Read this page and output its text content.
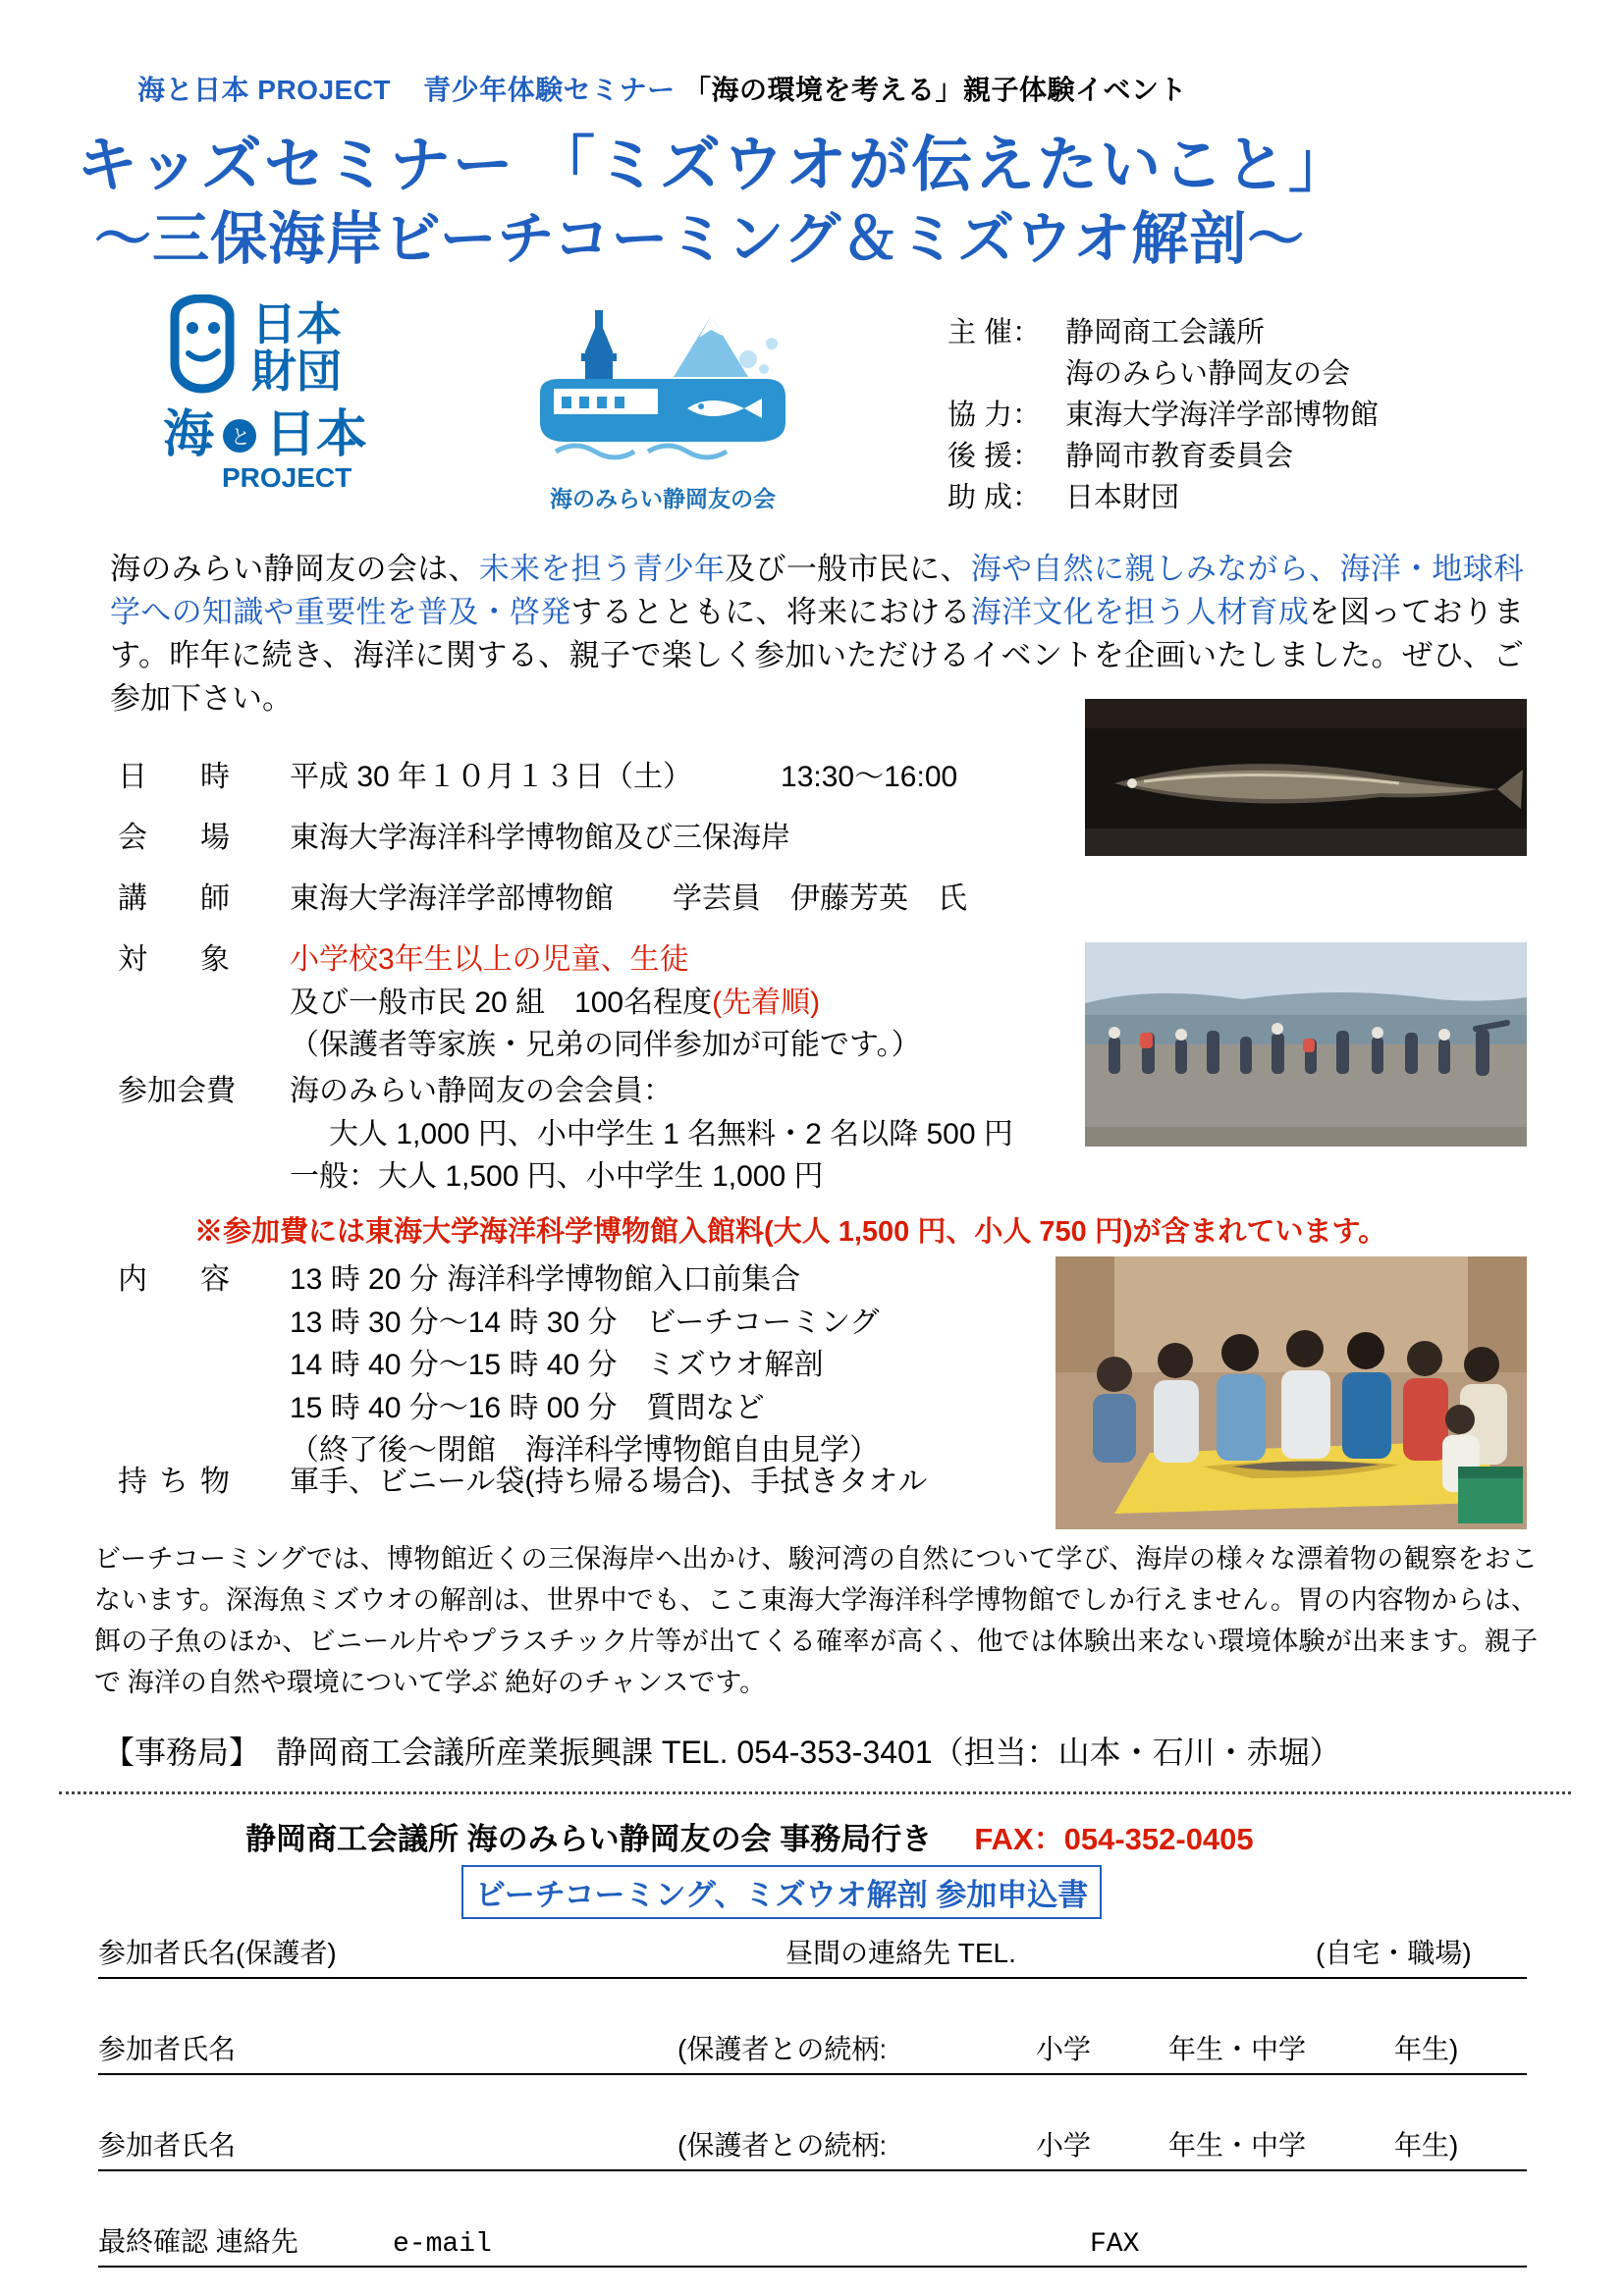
海と日本 PROJECT 青少年体験セミナー 「海の環境を考える」親子体験イベント
キッズセミナー 「ミズウオが伝えたいこと」
〜三保海岸ビーチコーミング＆ミズウオ解剖〜
日本
財団
海 と 日本
PROJECT
海のみらい静岡友の会
主 催： 静岡商工会議所
海のみらい静岡友の会
協 力： 東海大学海洋学部博物館
後 援： 静岡市教育委員会
助 成： 日本財団
海のみらい静岡友の会は、未来を担う青少年及び一般市民に、海や自然に親しみながら、海洋・地球科学への知識や重要性を普及・啓発するとともに、将来における海洋文化を担う人材育成を図っております。昨年に続き、海洋に関する、親子で楽しく参加いただけるイベントを企画いたしました。ぜひ、ご参加下さい。
日　時 平成 30 年１０月１３日（土）	13:30〜16:00
会　場 東海大学海洋科学博物館及び三保海岸
講　師 東海大学海洋学部博物館　　学芸員　伊藤芳英　氏
対　象 小学校3年生以上の児童、生徒
及び一般市民 20 組　100名程度(先着順)
（保護者等家族・兄弟の同伴参加が可能です。）
参加会費 海のみらい静岡友の会会員：
大人 1,000 円、小中学生 1 名無料・2 名以降 500 円
一般：大人 1,500 円、小中学生 1,000 円
※参加費には東海大学海洋科学博物館入館料(大人 1,500 円、小人 750 円)が含まれています。
内　容 13 時 20 分 海洋科学博物館入口前集合
13 時 30 分〜14 時 30 分　ビーチコーミング
14 時 40 分〜15 時 40 分　ミズウオ解剖
15 時 40 分〜16 時 00 分　質問など
（終了後〜閉館　海洋科学博物館自由見学）
持ち物 軍手、ビニール袋(持ち帰る場合)、手拭きタオル
ビーチコーミングでは、博物館近くの三保海岸へ出かけ、駿河湾の自然について学び、海岸の様々な漂着物の観察をおこないます。深海魚ミズウオの解剖は、世界中でも、ここ東海大学海洋科学博物館でしか行えません。胃の内容物からは、餌の子魚のほか、ビニール片やプラスチック片等が出てくる確率が高く、他では体験出来ない環境体験が出来ます。親子で 海洋の自然や環境について学ぶ 絶好のチャンスです。
【事務局】　静岡商工会議所産業振興課 TEL. 054-353-3401（担当：山本・石川・赤堀）
静岡商工会議所 海のみらい静岡友の会 事務局行き FAX：054-352-0405
ビーチコーミング、ミズウオ解剖 参加申込書
参加者氏名(保護者)	昼間の連絡先 TEL.	(自宅・職場)
参加者氏名	(保護者との続柄:	小学	年生・中学	年生)
参加者氏名	(保護者との続柄:	小学	年生・中学	年生)
最終確認 連絡先	e-mail	FAX
